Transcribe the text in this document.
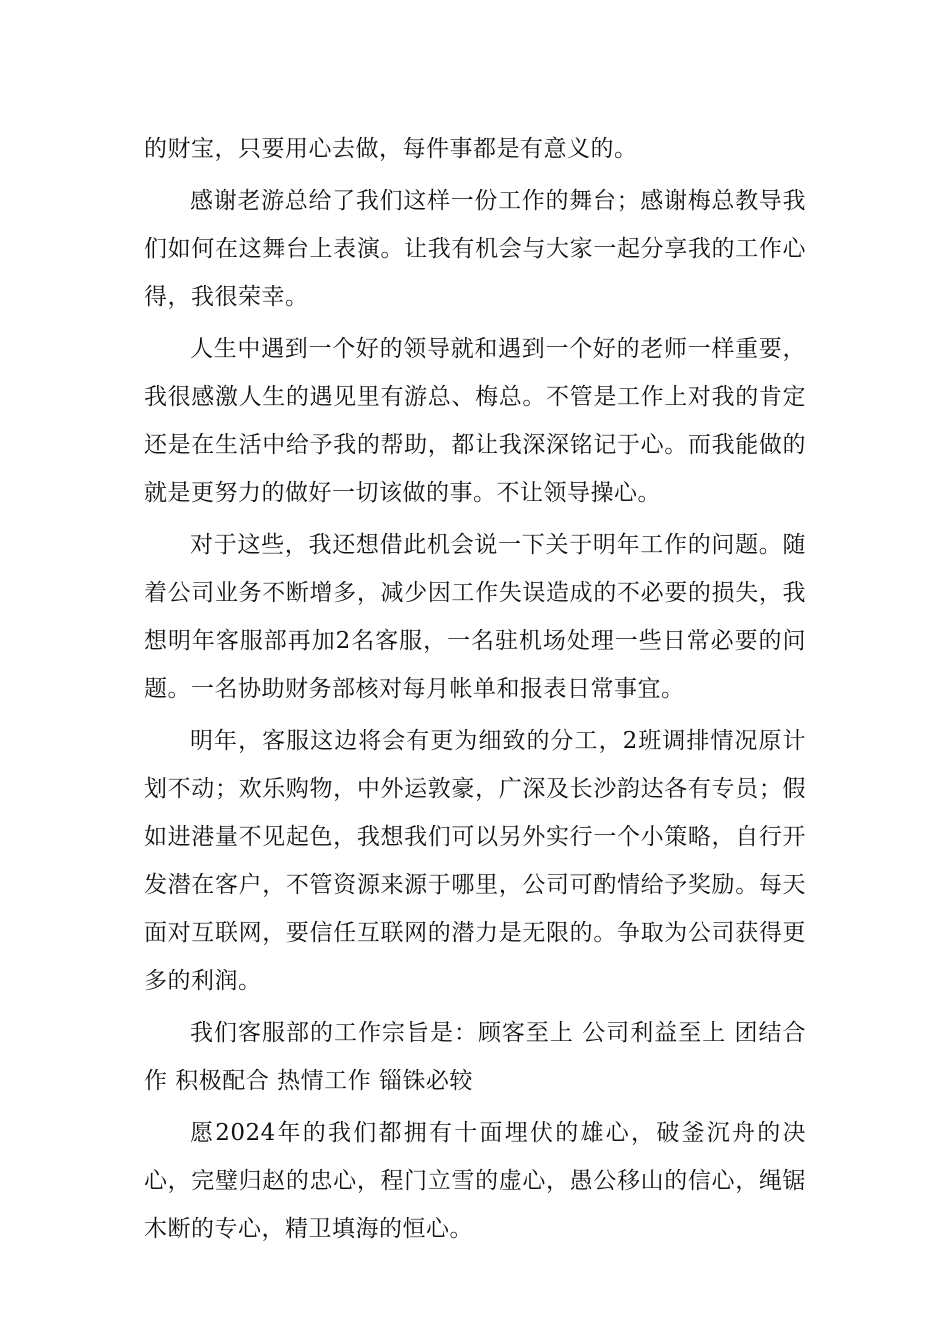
的财宝，只要用心去做，每件事都是有意义的。

感谢老游总给了我们这样一份工作的舞台；感谢梅总教导我们如何在这舞台上表演。让我有机会与大家一起分享我的工作心得，我很荣幸。

人生中遇到一个好的领导就和遇到一个好的老师一样重要，我很感激人生的遇见里有游总、梅总。不管是工作上对我的肯定还是在生活中给予我的帮助，都让我深深铭记于心。而我能做的就是更努力的做好一切该做的事。不让领导操心。

对于这些，我还想借此机会说一下关于明年工作的问题。随着公司业务不断增多，减少因工作失误造成的不必要的损失，我想明年客服部再加2名客服，一名驻机场处理一些日常必要的问题。一名协助财务部核对每月帐单和报表日常事宜。

明年，客服这边将会有更为细致的分工，2班调排情况原计划不动；欢乐购物，中外运敦豪，广深及长沙韵达各有专员；假如进港量不见起色，我想我们可以另外实行一个小策略，自行开发潜在客户，不管资源来源于哪里，公司可酌情给予奖励。每天面对互联网，要信任互联网的潜力是无限的。争取为公司获得更多的利润。

我们客服部的工作宗旨是：顾客至上 公司利益至上 团结合作 积极配合 热情工作 锱铢必较

愿2024年的我们都拥有十面埋伏的雄心，破釜沉舟的决心，完璧归赵的忠心，程门立雪的虚心，愚公移山的信心，绳锯木断的专心，精卫填海的恒心。
